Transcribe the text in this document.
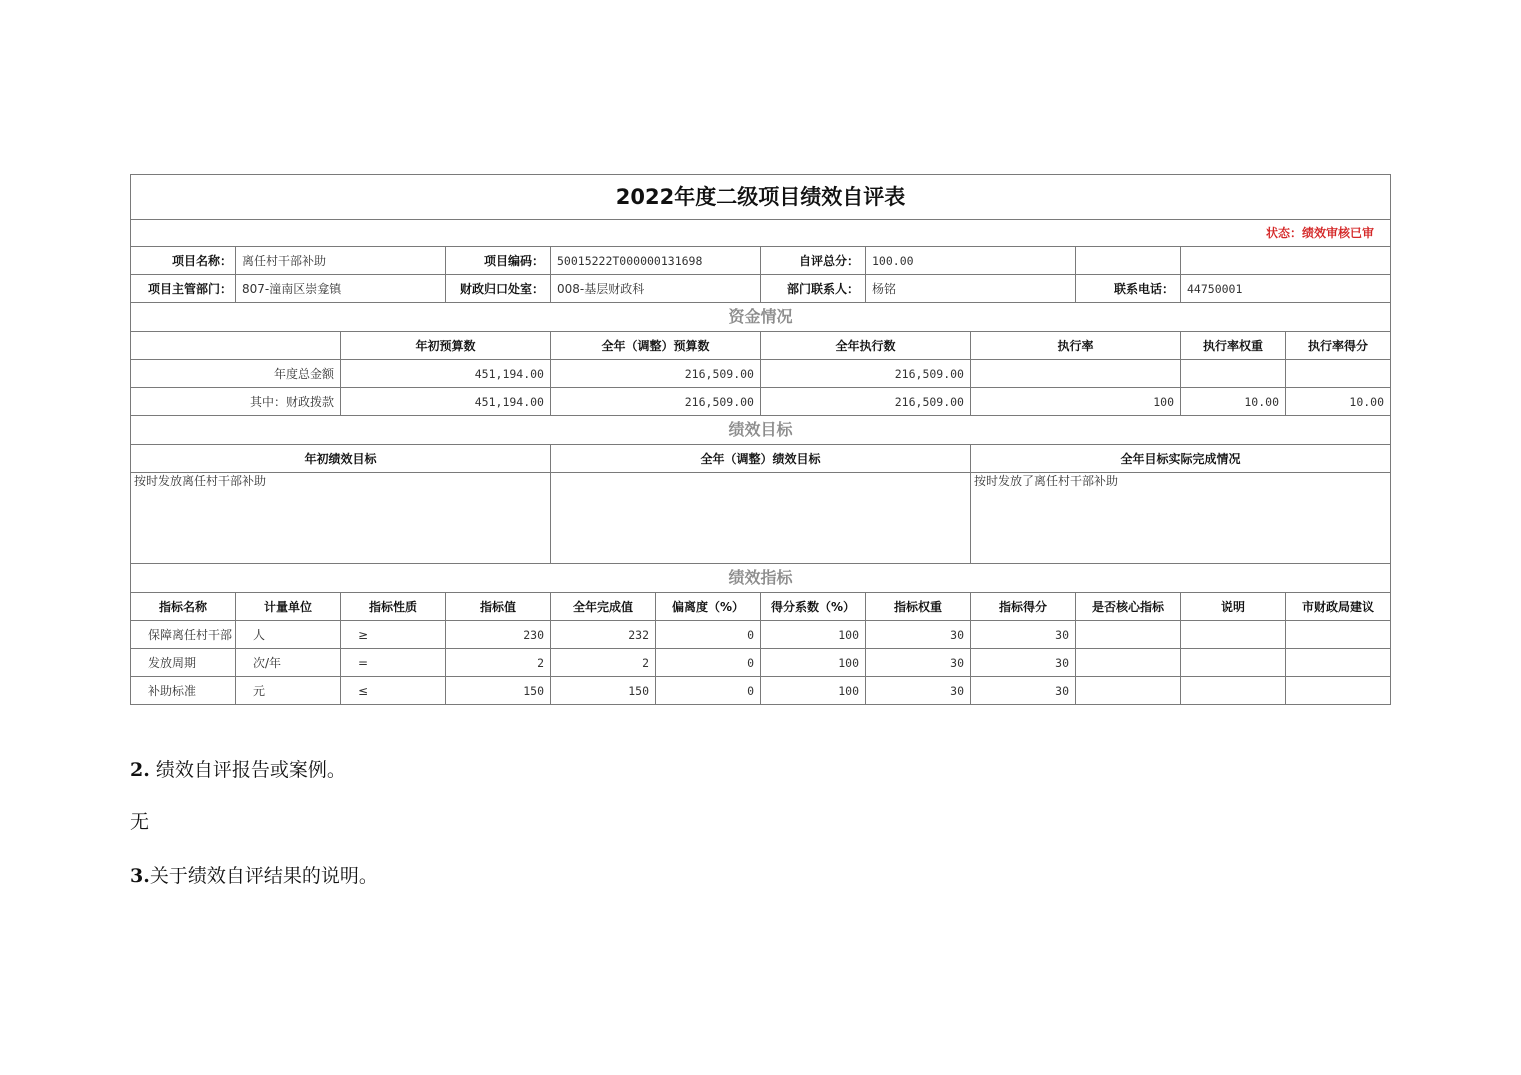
2022年度二级项目绩效自评表											
状态：绩效审核已审											
项目名称：	离任村干部补助		项目编码：	50015222T000000131698		自评总分：	100.00				
项目主管部门：	807-潼南区崇龛镇		财政归口处室：	008-基层财政科		部门联系人：	杨铭		联系电话：	44750001	
资金情况											
		年初预算数		全年（调整）预算数		全年执行数		执行率		执行率权重	执行率得分
年度总金额		451,194.00		216,509.00		216,509.00					
其中：财政拨款		451,194.00		216,509.00		216,509.00		100		10.00	10.00
绩效目标											
年初绩效目标				全年（调整）绩效目标				全年目标实际完成情况			
按时发放离任村干部补助								按时发放了离任村干部补助			
绩效指标											
指标名称	计量单位	指标性质	指标值	全年完成值	偏离度（%）	得分系数（%）	指标权重	指标得分	是否核心指标	说明	市财政局建议
保障离任村干部	人	≥	230	232	0	100	30	30			
发放周期	次/年	=	2	2	0	100	30	30			
补助标准	元	≤	150	150	0	100	30	30			
2. 绩效自评报告或案例。
无
3.关于绩效自评结果的说明。
